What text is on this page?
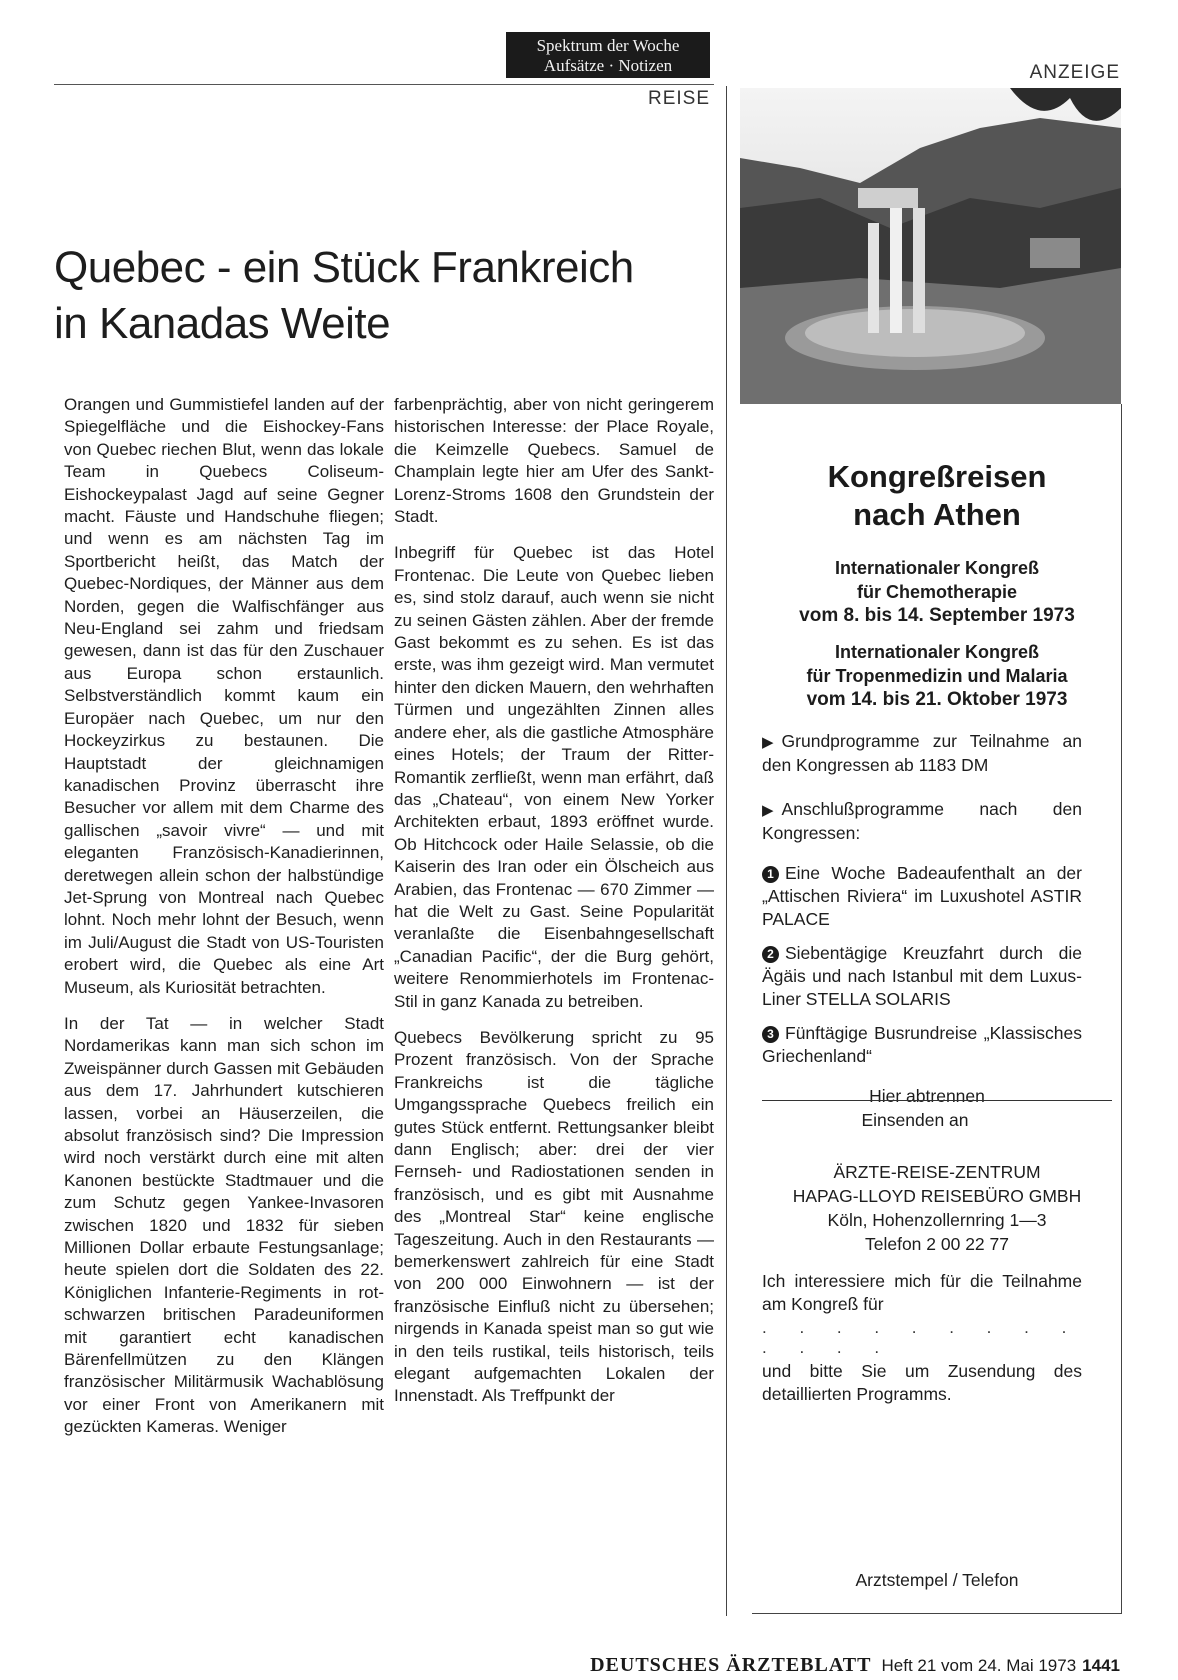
Spektrum der Woche
Aufsätze · Notizen
REISE
Quebec - ein Stück Frankreich
in Kanadas Weite

Orangen und Gummistiefel landen auf der Spiegelfläche und die Eishockey-Fans von Quebec riechen Blut, wenn das lokale Team in Quebecs Coliseum-Eishockeypalast Jagd auf seine Gegner macht. Fäuste und Handschuhe fliegen; und wenn es am nächsten Tag im Sportbericht heißt, das Match der Quebec-Nordiques, der Männer aus dem Norden, gegen die Walfischfänger aus Neu-England sei zahm und friedsam gewesen, dann ist das für den Zuschauer aus Europa schon erstaunlich. Selbstverständlich kommt kaum ein Europäer nach Quebec, um nur den Hockeyzirkus zu bestaunen. Die Hauptstadt der gleichnamigen kanadischen Provinz überrascht ihre Besucher vor allem mit dem Charme des gallischen „savoir vivre“ — und mit eleganten Französisch-Kanadierinnen, deretwegen allein schon der halbstündige Jet-Sprung von Montreal nach Quebec lohnt. Noch mehr lohnt der Besuch, wenn im Juli/August die Stadt von US-Touristen erobert wird, die Quebec als eine Art Museum, als Kuriosität betrachten.

In der Tat — in welcher Stadt Nordamerikas kann man sich schon im Zweispänner durch Gassen mit Gebäuden aus dem 17. Jahrhundert kutschieren lassen, vorbei an Häuserzeilen, die absolut französisch sind? Die Impression wird noch verstärkt durch eine mit alten Kanonen bestückte Stadtmauer und die zum Schutz gegen Yankee-Invasoren zwischen 1820 und 1832 für sieben Millionen Dollar erbaute Festungsanlage; heute spielen dort die Soldaten des 22. Königlichen Infanterie-Regiments in rot-schwarzen britischen Paradeuniformen mit garantiert echt kanadischen Bärenfellmützen zu den Klängen französischer Militärmusik Wachablösung vor einer Front von Amerikanern mit gezückten Kameras. Weniger

farbenprächtig, aber von nicht geringerem historischen Interesse: der Place Royale, die Keimzelle Quebecs. Samuel de Champlain legte hier am Ufer des Sankt-Lorenz-Stroms 1608 den Grundstein der Stadt.

Inbegriff für Quebec ist das Hotel Frontenac. Die Leute von Quebec lieben es, sind stolz darauf, auch wenn sie nicht zu seinen Gästen zählen. Aber der fremde Gast bekommt es zu sehen. Es ist das erste, was ihm gezeigt wird. Man vermutet hinter den dicken Mauern, den wehrhaften Türmen und ungezählten Zinnen alles andere eher, als die gastliche Atmosphäre eines Hotels; der Traum der Ritter-Romantik zerfließt, wenn man erfährt, daß das „Chateau“, von einem New Yorker Architekten erbaut, 1893 eröffnet wurde. Ob Hitchcock oder Haile Selassie, ob die Kaiserin des Iran oder ein Ölscheich aus Arabien, das Frontenac — 670 Zimmer — hat die Welt zu Gast. Seine Popularität veranlaßte die Eisenbahngesellschaft „Canadian Pacific“, der die Burg gehört, weitere Renommierhotels im Frontenac-Stil in ganz Kanada zu betreiben.

Quebecs Bevölkerung spricht zu 95 Prozent französisch. Von der Sprache Frankreichs ist die tägliche Umgangssprache Quebecs freilich ein gutes Stück entfernt. Rettungsanker bleibt dann Englisch; aber: drei der vier Fernseh- und Radiostationen senden in französisch, und es gibt mit Ausnahme des „Montreal Star“ keine englische Tageszeitung. Auch in den Restaurants — bemerkenswert zahlreich für eine Stadt von 200 000 Einwohnern — ist der französische Einfluß nicht zu übersehen; nirgends in Kanada speist man so gut wie in den teils rustikal, teils historisch, teils elegant aufgemachten Lokalen der Innenstadt. Als Treffpunkt der

ANZEIGE
Kongreßreisen
nach Athen
Internationaler Kongreß
für Chemotherapie
vom 8. bis 14. September 1973
Internationaler Kongreß
für Tropenmedizin und Malaria
vom 14. bis 21. Oktober 1973
▶ Grundprogramme zur Teilnahme an den Kongressen ab 1183 DM
▶ Anschlußprogramme nach den Kongressen:
1 Eine Woche Badeaufenthalt an der „Attischen Riviera“ im Luxushotel ASTIR PALACE
2 Siebentägige Kreuzfahrt durch die Ägäis und nach Istanbul mit dem Luxus-Liner STELLA SOLARIS
3 Fünftägige Busrundreise „Klassisches Griechenland“
Hier abtrennen
Einsenden an
ÄRZTE-REISE-ZENTRUM
HAPAG-LLOYD REISEBÜRO GMBH
Köln, Hohenzollernring 1—3
Telefon 2 00 22 77
Ich interessiere mich für die Teilnahme am Kongreß für
. . . . . . . . . . . . .
und bitte Sie um Zusendung des detaillierten Programms.
Arztstempel / Telefon
DEUTSCHES ÄRZTEBLATT Heft 21 vom 24. Mai 1973 1441
